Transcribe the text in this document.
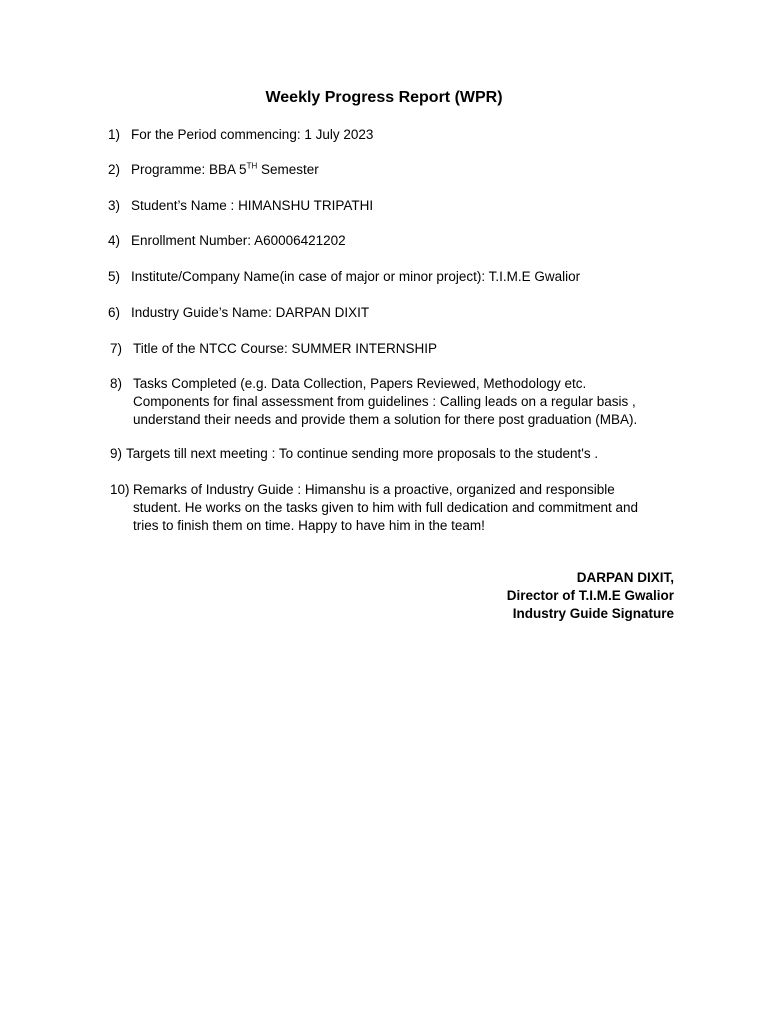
Weekly Progress Report (WPR)
1) For the Period commencing: 1 July 2023
2) Programme: BBA 5TH Semester
3) Student’s Name : HIMANSHU TRIPATHI
4) Enrollment Number: A60006421202
5) Institute/Company Name(in case of major or minor project): T.I.M.E Gwalior
6) Industry Guide’s Name: DARPAN DIXIT
7) Title of the NTCC Course: SUMMER INTERNSHIP
8) Tasks Completed (e.g. Data Collection, Papers Reviewed, Methodology etc.
Components for final assessment from guidelines : Calling leads on a regular basis ,
understand their needs and provide them a solution for there post graduation (MBA).
9) Targets till next meeting : To continue sending more proposals to the student's .
10) Remarks of Industry Guide : Himanshu is a proactive, organized and responsible
student. He works on the tasks given to him with full dedication and commitment and
tries to finish them on time. Happy to have him in the team!
DARPAN DIXIT,
Director of T.I.M.E Gwalior
Industry Guide Signature
